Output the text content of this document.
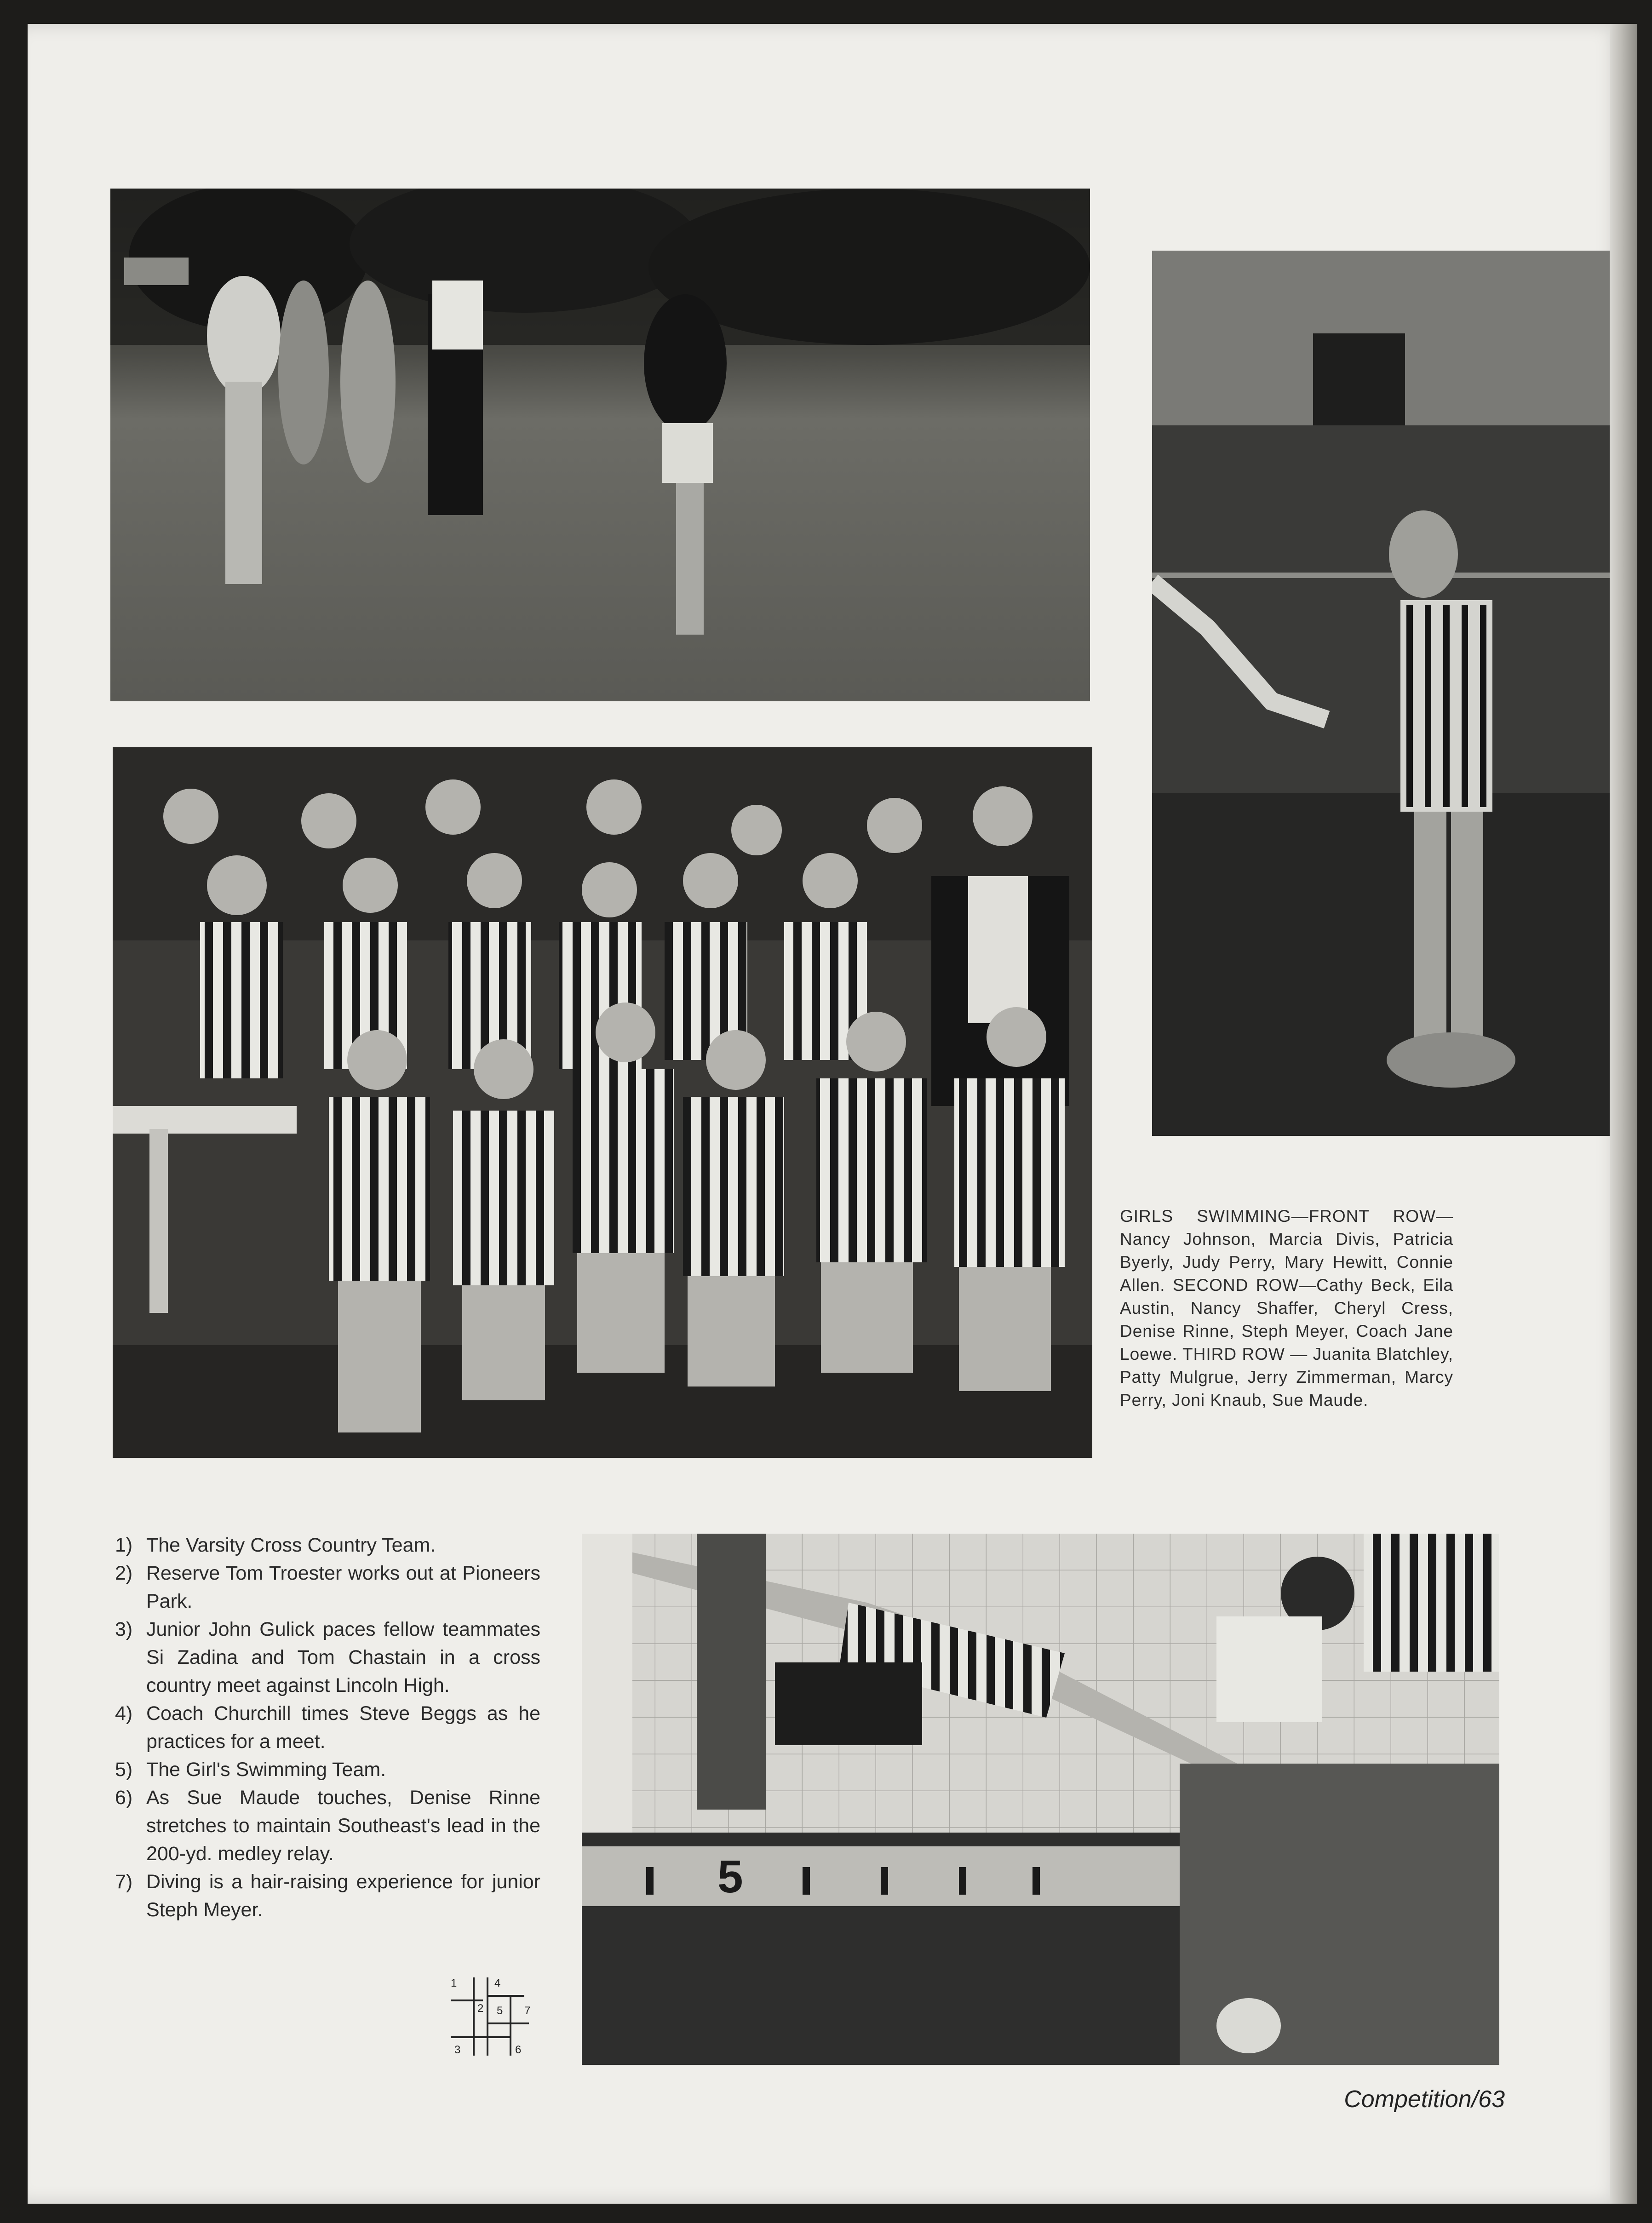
GIRLS SWIMMING—FRONT ROW—Nancy Johnson, Marcia Divis, Patricia Byerly, Judy Perry, Mary Hewitt, Connie Allen. SECOND ROW—Cathy Beck, Eila Austin, Nancy Shaffer, Cheryl Cress, Denise Rinne, Steph Meyer, Coach Jane Loewe. THIRD ROW — Juanita Blatchley, Patty Mulgrue, Jerry Zimmerman, Marcy Perry, Joni Knaub, Sue Maude.
1) The Varsity Cross Country Team.
2) Reserve Tom Troester works out at Pioneers Park.
3) Junior John Gulick paces fellow teammates Si Zadina and Tom Chastain in a cross country meet against Lincoln High.
4) Coach Churchill times Steve Beggs as he practices for a meet.
5) The Girl's Swimming Team.
6) As Sue Maude touches, Denise Rinne stretches to maintain Southeast's lead in the 200-yd. medley relay.
7) Diving is a hair-raising experience for junior Steph Meyer.
1
2
3
4
5
6
7
5
Competition/63
